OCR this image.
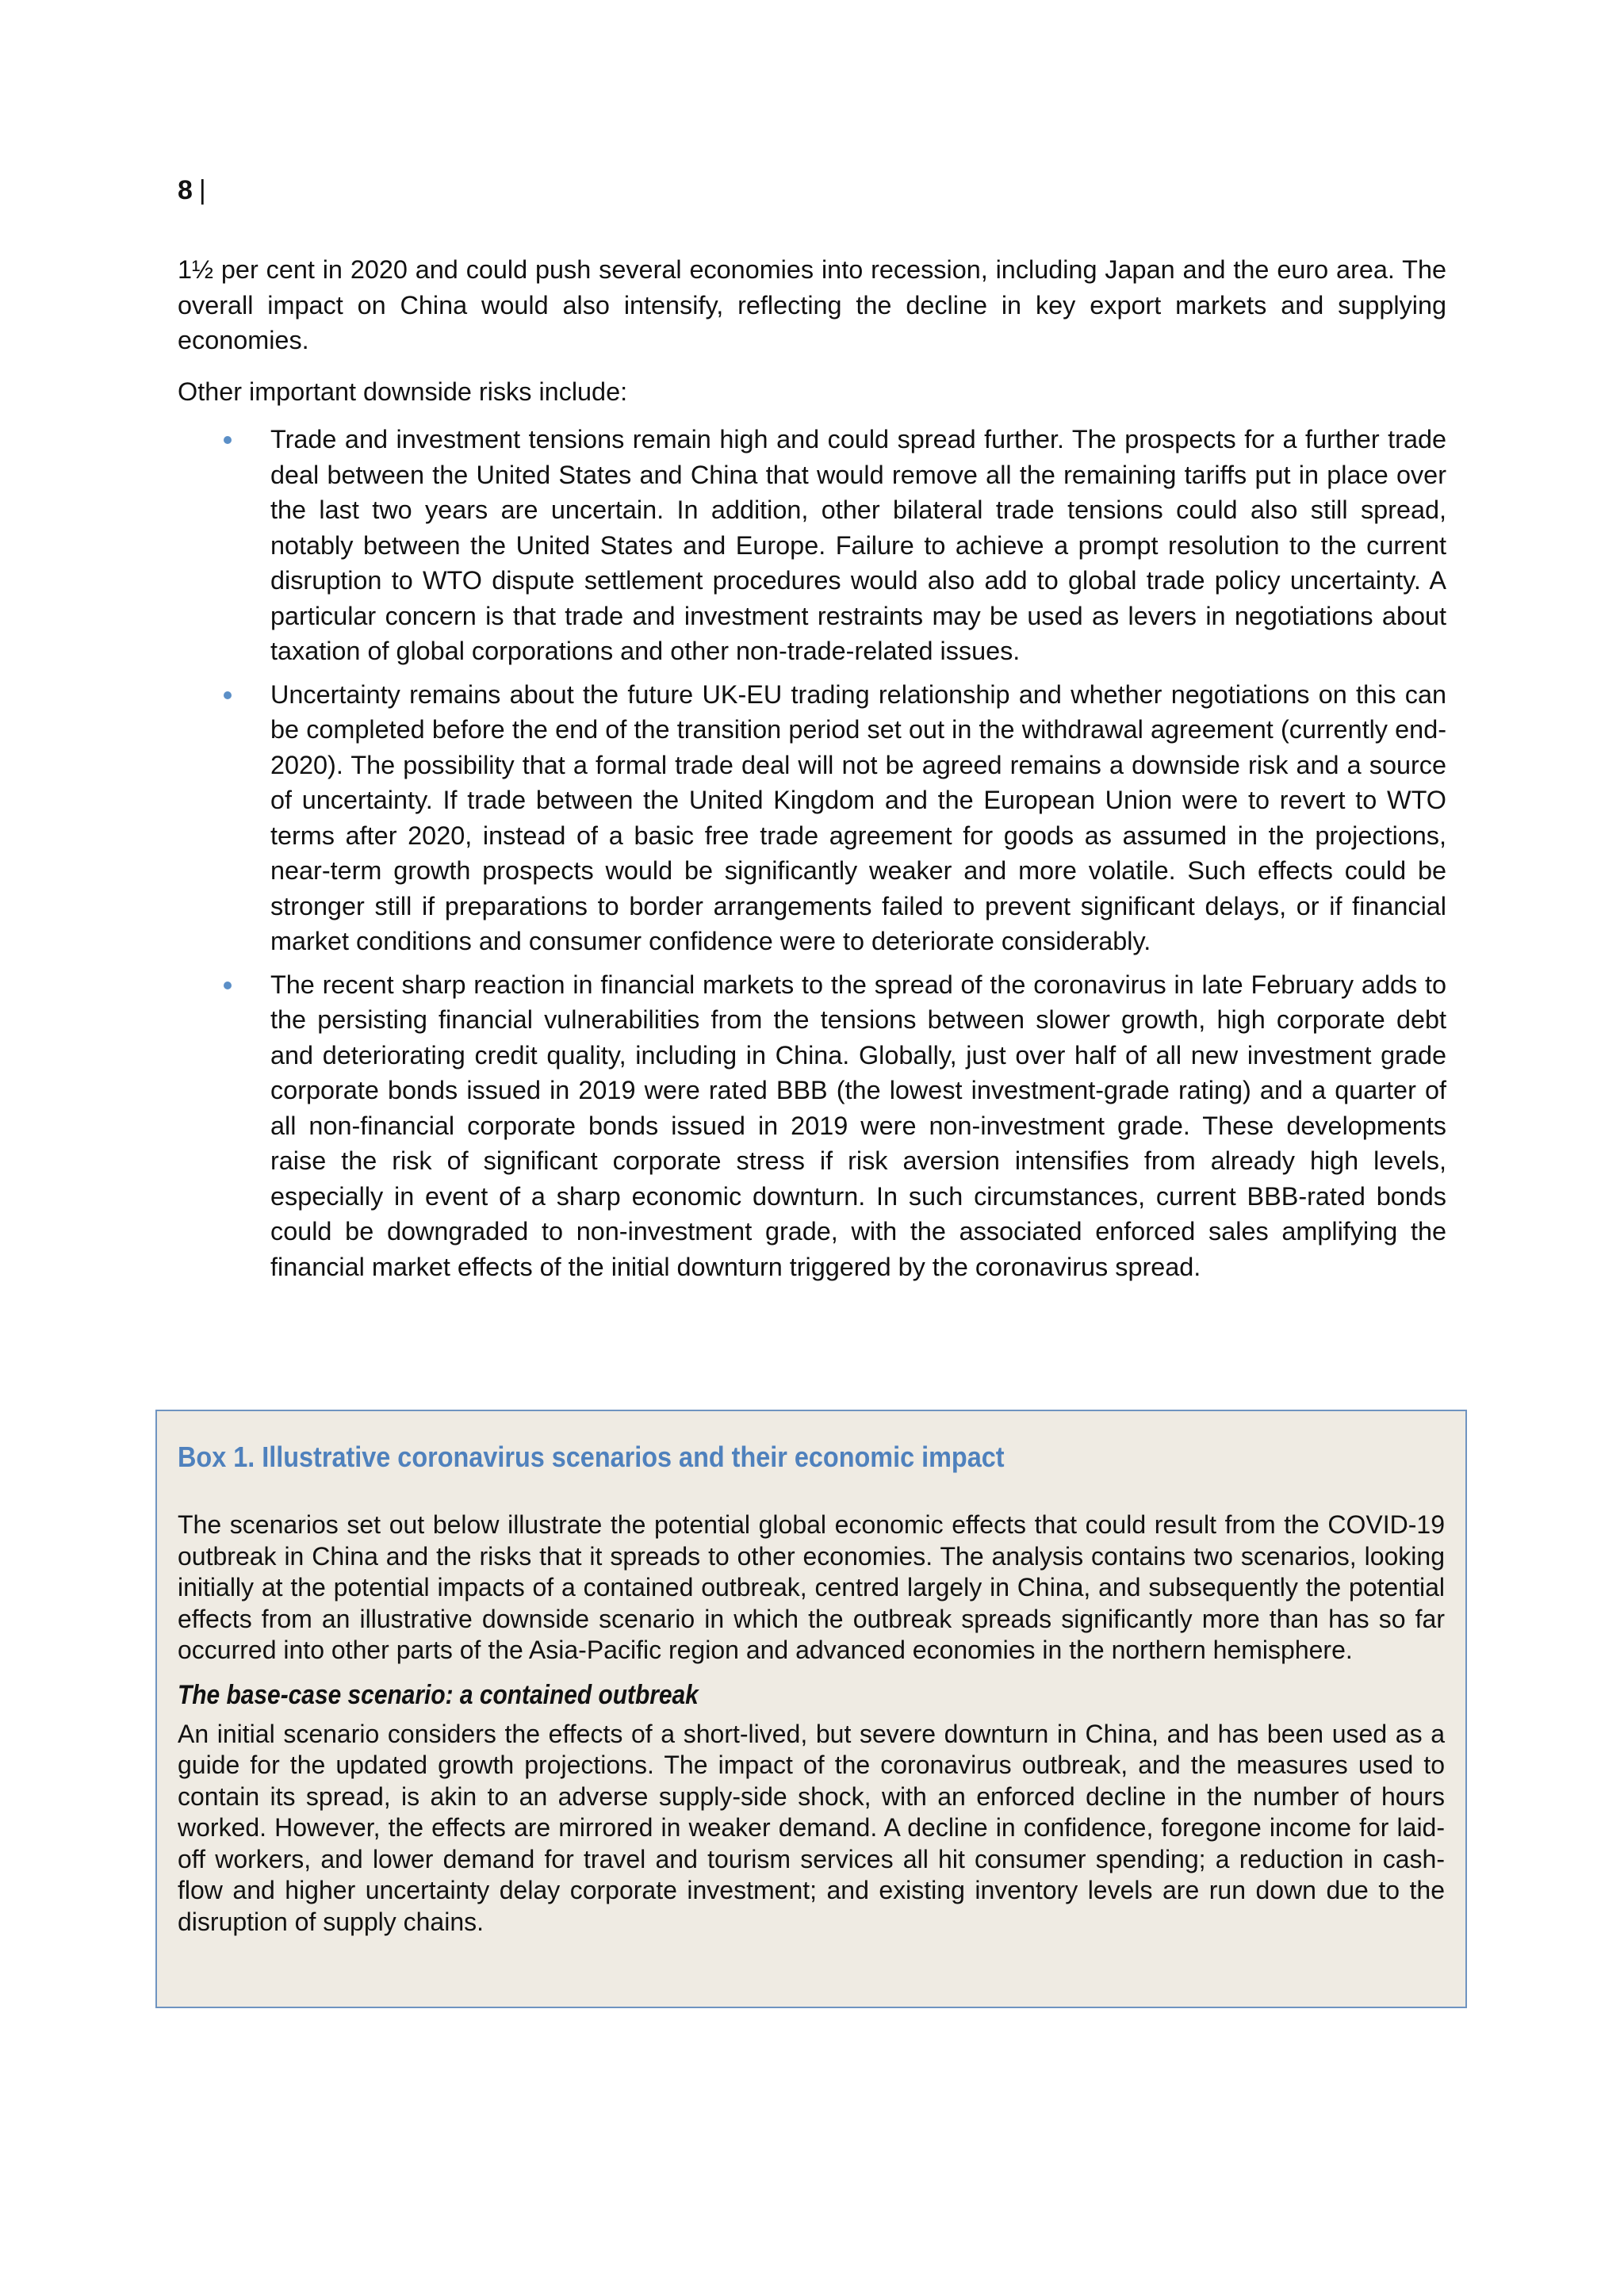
8 |

1½ per cent in 2020 and could push several economies into recession, including Japan and the euro area. The overall impact on China would also intensify, reflecting the decline in key export markets and supplying economies.

Other important downside risks include:

Trade and investment tensions remain high and could spread further. The prospects for a further trade deal between the United States and China that would remove all the remaining tariffs put in place over the last two years are uncertain. In addition, other bilateral trade tensions could also still spread, notably between the United States and Europe. Failure to achieve a prompt resolution to the current disruption to WTO dispute settlement procedures would also add to global trade policy uncertainty. A particular concern is that trade and investment restraints may be used as levers in negotiations about taxation of global corporations and other non-trade-related issues.
Uncertainty remains about the future UK-EU trading relationship and whether negotiations on this can be completed before the end of the transition period set out in the withdrawal agreement (currently end-2020). The possibility that a formal trade deal will not be agreed remains a downside risk and a source of uncertainty. If trade between the United Kingdom and the European Union were to revert to WTO terms after 2020, instead of a basic free trade agreement for goods as assumed in the projections, near-term growth prospects would be significantly weaker and more volatile. Such effects could be stronger still if preparations to border arrangements failed to prevent significant delays, or if financial market conditions and consumer confidence were to deteriorate considerably.
The recent sharp reaction in financial markets to the spread of the coronavirus in late February adds to the persisting financial vulnerabilities from the tensions between slower growth, high corporate debt and deteriorating credit quality, including in China. Globally, just over half of all new investment grade corporate bonds issued in 2019 were rated BBB (the lowest investment-grade rating) and a quarter of all non-financial corporate bonds issued in 2019 were non-investment grade. These developments raise the risk of significant corporate stress if risk aversion intensifies from already high levels, especially in event of a sharp economic downturn. In such circumstances, current BBB-rated bonds could be downgraded to non-investment grade, with the associated enforced sales amplifying the financial market effects of the initial downturn triggered by the coronavirus spread.
Box 1. Illustrative coronavirus scenarios and their economic impact

The scenarios set out below illustrate the potential global economic effects that could result from the COVID-19 outbreak in China and the risks that it spreads to other economies. The analysis contains two scenarios, looking initially at the potential impacts of a contained outbreak, centred largely in China, and subsequently the potential effects from an illustrative downside scenario in which the outbreak spreads significantly more than has so far occurred into other parts of the Asia-Pacific region and advanced economies in the northern hemisphere.

The base-case scenario: a contained outbreak

An initial scenario considers the effects of a short-lived, but severe downturn in China, and has been used as a guide for the updated growth projections. The impact of the coronavirus outbreak, and the measures used to contain its spread, is akin to an adverse supply-side shock, with an enforced decline in the number of hours worked. However, the effects are mirrored in weaker demand. A decline in confidence, foregone income for laid-off workers, and lower demand for travel and tourism services all hit consumer spending; a reduction in cash-flow and higher uncertainty delay corporate investment; and existing inventory levels are run down due to the disruption of supply chains.
